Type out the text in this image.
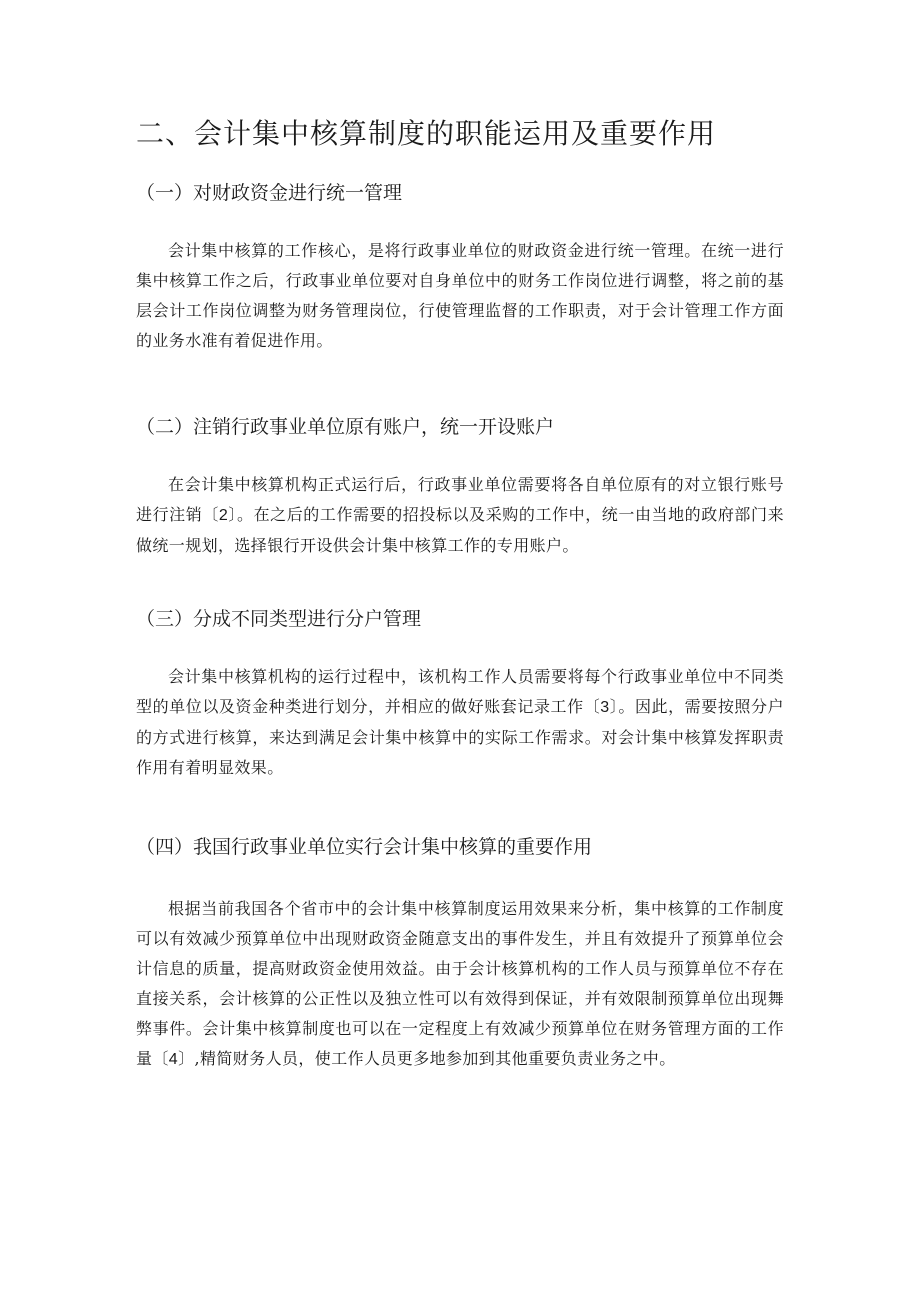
二、会计集中核算制度的职能运用及重要作用
（一）对财政资金进行统一管理
会计集中核算的工作核心，是将行政事业单位的财政资金进行统一管理。在统一进行集中核算工作之后，行政事业单位要对自身单位中的财务工作岗位进行调整，将之前的基层会计工作岗位调整为财务管理岗位，行使管理监督的工作职责，对于会计管理工作方面的业务水准有着促进作用。
（二）注销行政事业单位原有账户，统一开设账户
在会计集中核算机构正式运行后，行政事业单位需要将各自单位原有的对立银行账号进行注销〔2〕。在之后的工作需要的招投标以及采购的工作中，统一由当地的政府部门来做统一规划，选择银行开设供会计集中核算工作的专用账户。
（三）分成不同类型进行分户管理
会计集中核算机构的运行过程中，该机构工作人员需要将每个行政事业单位中不同类型的单位以及资金种类进行划分，并相应的做好账套记录工作〔3〕。因此，需要按照分户的方式进行核算，来达到满足会计集中核算中的实际工作需求。对会计集中核算发挥职责作用有着明显效果。
（四）我国行政事业单位实行会计集中核算的重要作用
根据当前我国各个省市中的会计集中核算制度运用效果来分析，集中核算的工作制度可以有效减少预算单位中出现财政资金随意支出的事件发生，并且有效提升了预算单位会计信息的质量，提高财政资金使用效益。由于会计核算机构的工作人员与预算单位不存在直接关系，会计核算的公正性以及独立性可以有效得到保证，并有效限制预算单位出现舞弊事件。会计集中核算制度也可以在一定程度上有效减少预算单位在财务管理方面的工作量〔4〕,精简财务人员，使工作人员更多地参加到其他重要负责业务之中。
